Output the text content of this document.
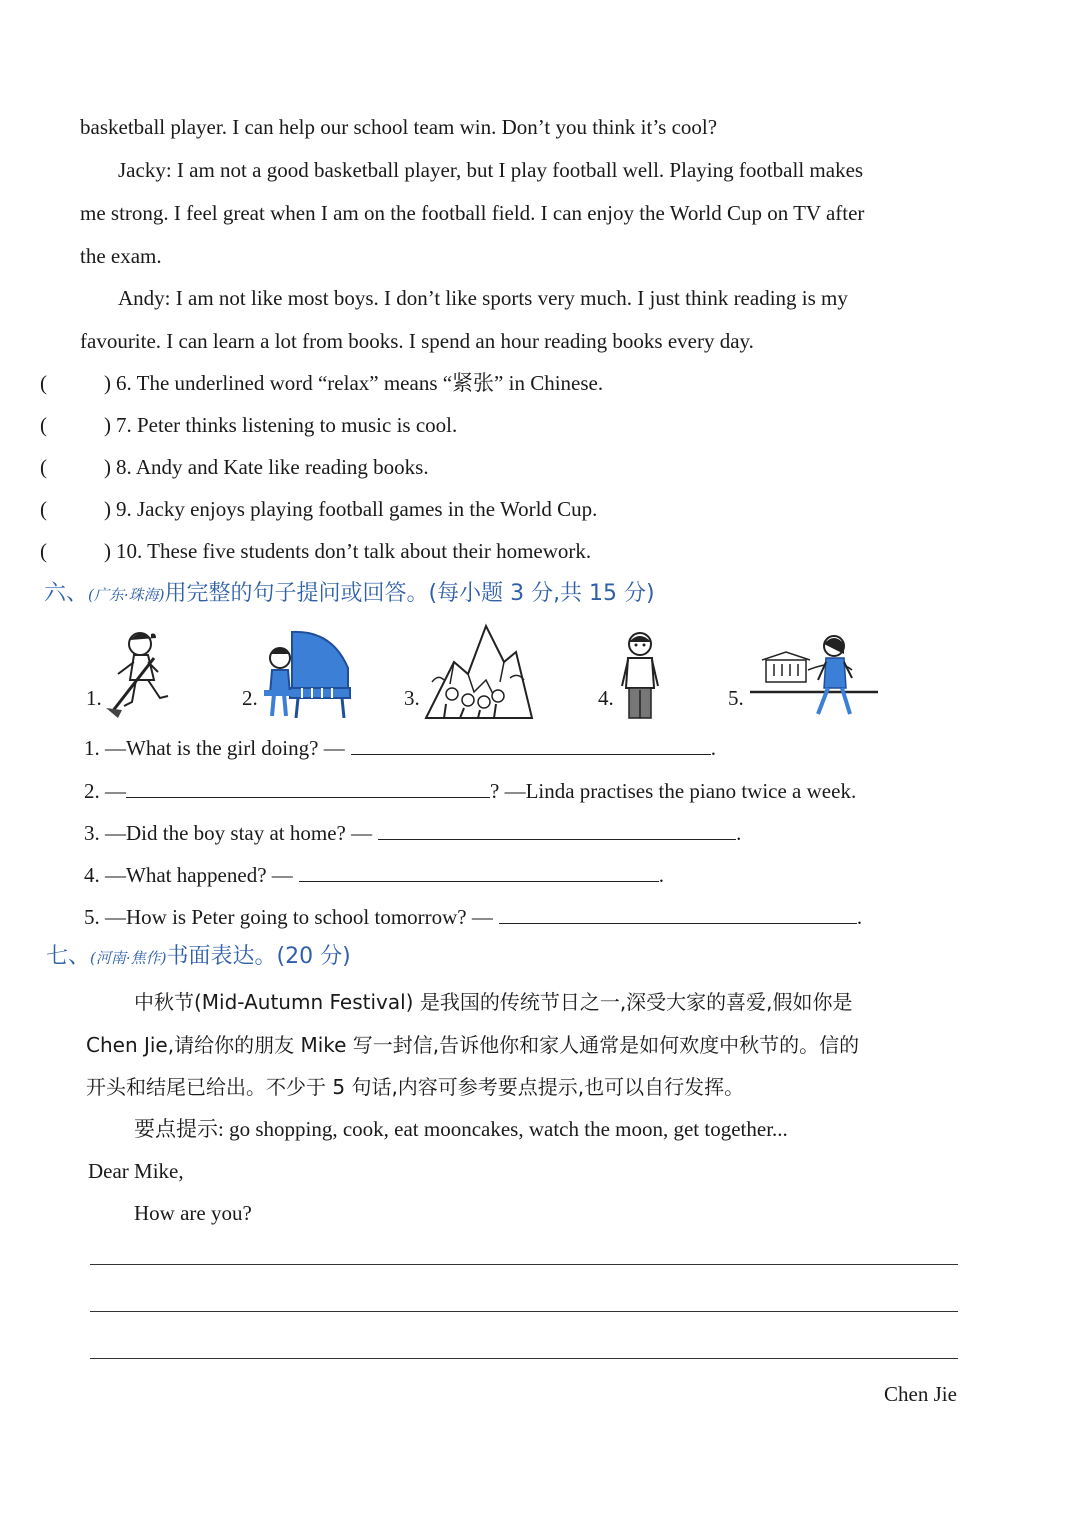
basketball player. I can help our school team win. Don’t you think it’s cool?
Jacky: I am not a good basketball player, but I play football well. Playing football makes
me strong. I feel great when I am on the football field. I can enjoy the World Cup on TV after
the exam.
Andy: I am not like most boys. I don’t like sports very much. I just think reading is my
favourite. I can learn a lot from books. I spend an hour reading books every day.
(	) 6. The underlined word “relax” means “紧张” in Chinese.
(	) 7. Peter thinks listening to music is cool.
(	) 8. Andy and Kate like reading books.
(	) 9. Jacky enjoys playing football games in the World Cup.
(	) 10. These five students don’t talk about their homework.
六、(广东·珠海)用完整的句子提问或回答。(每小题 3 分,共 15 分)
1.	2.	3.	4.	5.
1. —What is the girl doing? —	.
2. —	? —Linda practises the piano twice a week.
3. —Did the boy stay at home? —	.
4. —What happened? —	.
5. —How is Peter going to school tomorrow? —	.
七、(河南·焦作)书面表达。(20 分)
中秋节(Mid-Autumn Festival) 是我国的传统节日之一,深受大家的喜爱,假如你是
Chen Jie,请给你的朋友 Mike 写一封信,告诉他你和家人通常是如何欢度中秋节的。信的
开头和结尾已给出。不少于 5 句话,内容可参考要点提示,也可以自行发挥。
要点提示: go shopping, cook, eat mooncakes, watch the moon, get together...
Dear Mike,
How are you?
Chen Jie
